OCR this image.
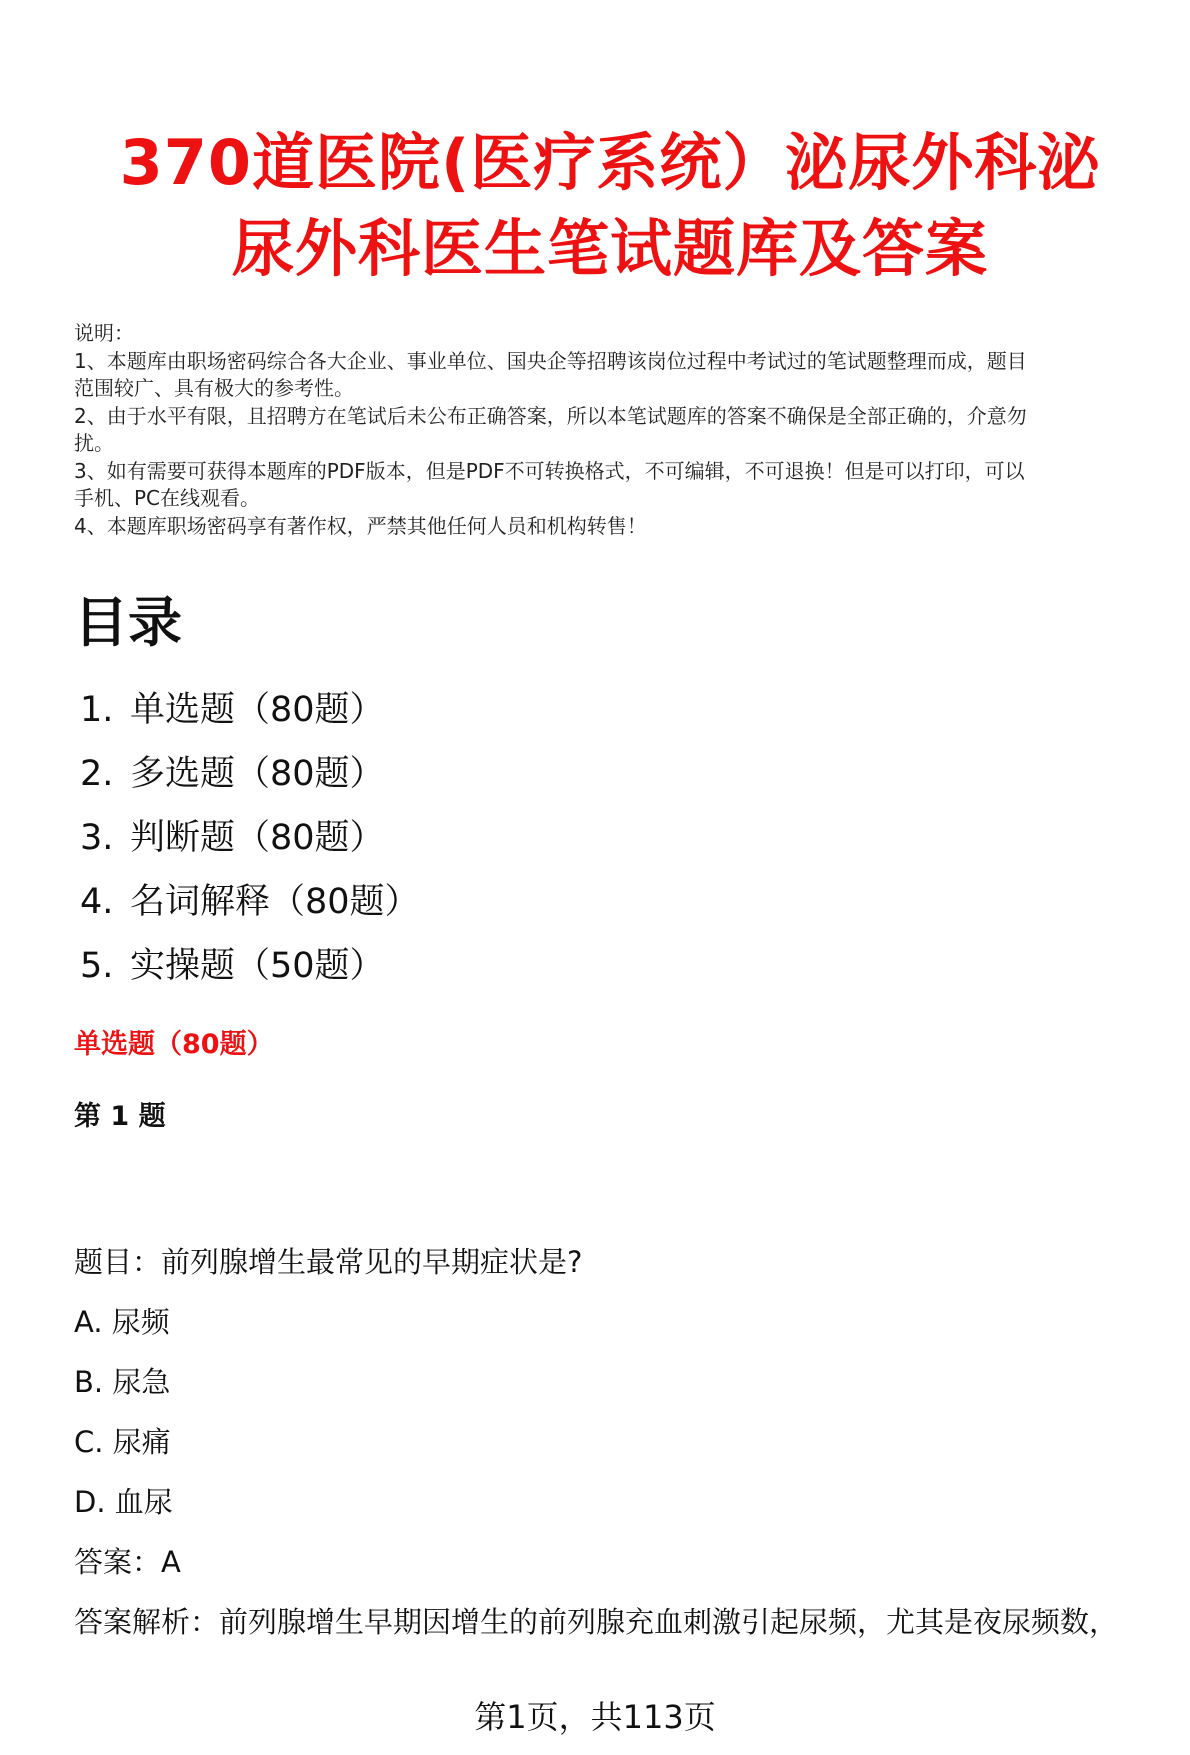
370道医院(医疗系统）泌尿外科泌
尿外科医生笔试题库及答案
说明：
1、本题库由职场密码综合各大企业、事业单位、国央企等招聘该岗位过程中考试过的笔试题整理而成，题目
范围较广、具有极大的参考性。
2、由于水平有限，且招聘方在笔试后未公布正确答案，所以本笔试题库的答案不确保是全部正确的，介意勿
扰。
3、如有需要可获得本题库的PDF版本，但是PDF不可转换格式，不可编辑，不可退换！但是可以打印，可以
手机、PC在线观看。
4、本题库职场密码享有著作权，严禁其他任何人员和机构转售！
目录
1. 单选题（80题）
2. 多选题（80题）
3. 判断题（80题）
4. 名词解释（80题）
5. 实操题（50题）
单选题（80题）
第 1 题
题目：前列腺增生最常见的早期症状是?
A. 尿频
B. 尿急
C. 尿痛
D. 血尿
答案：A
答案解析：前列腺增生早期因增生的前列腺充血刺激引起尿频，尤其是夜尿频数，
第1页，共113页
